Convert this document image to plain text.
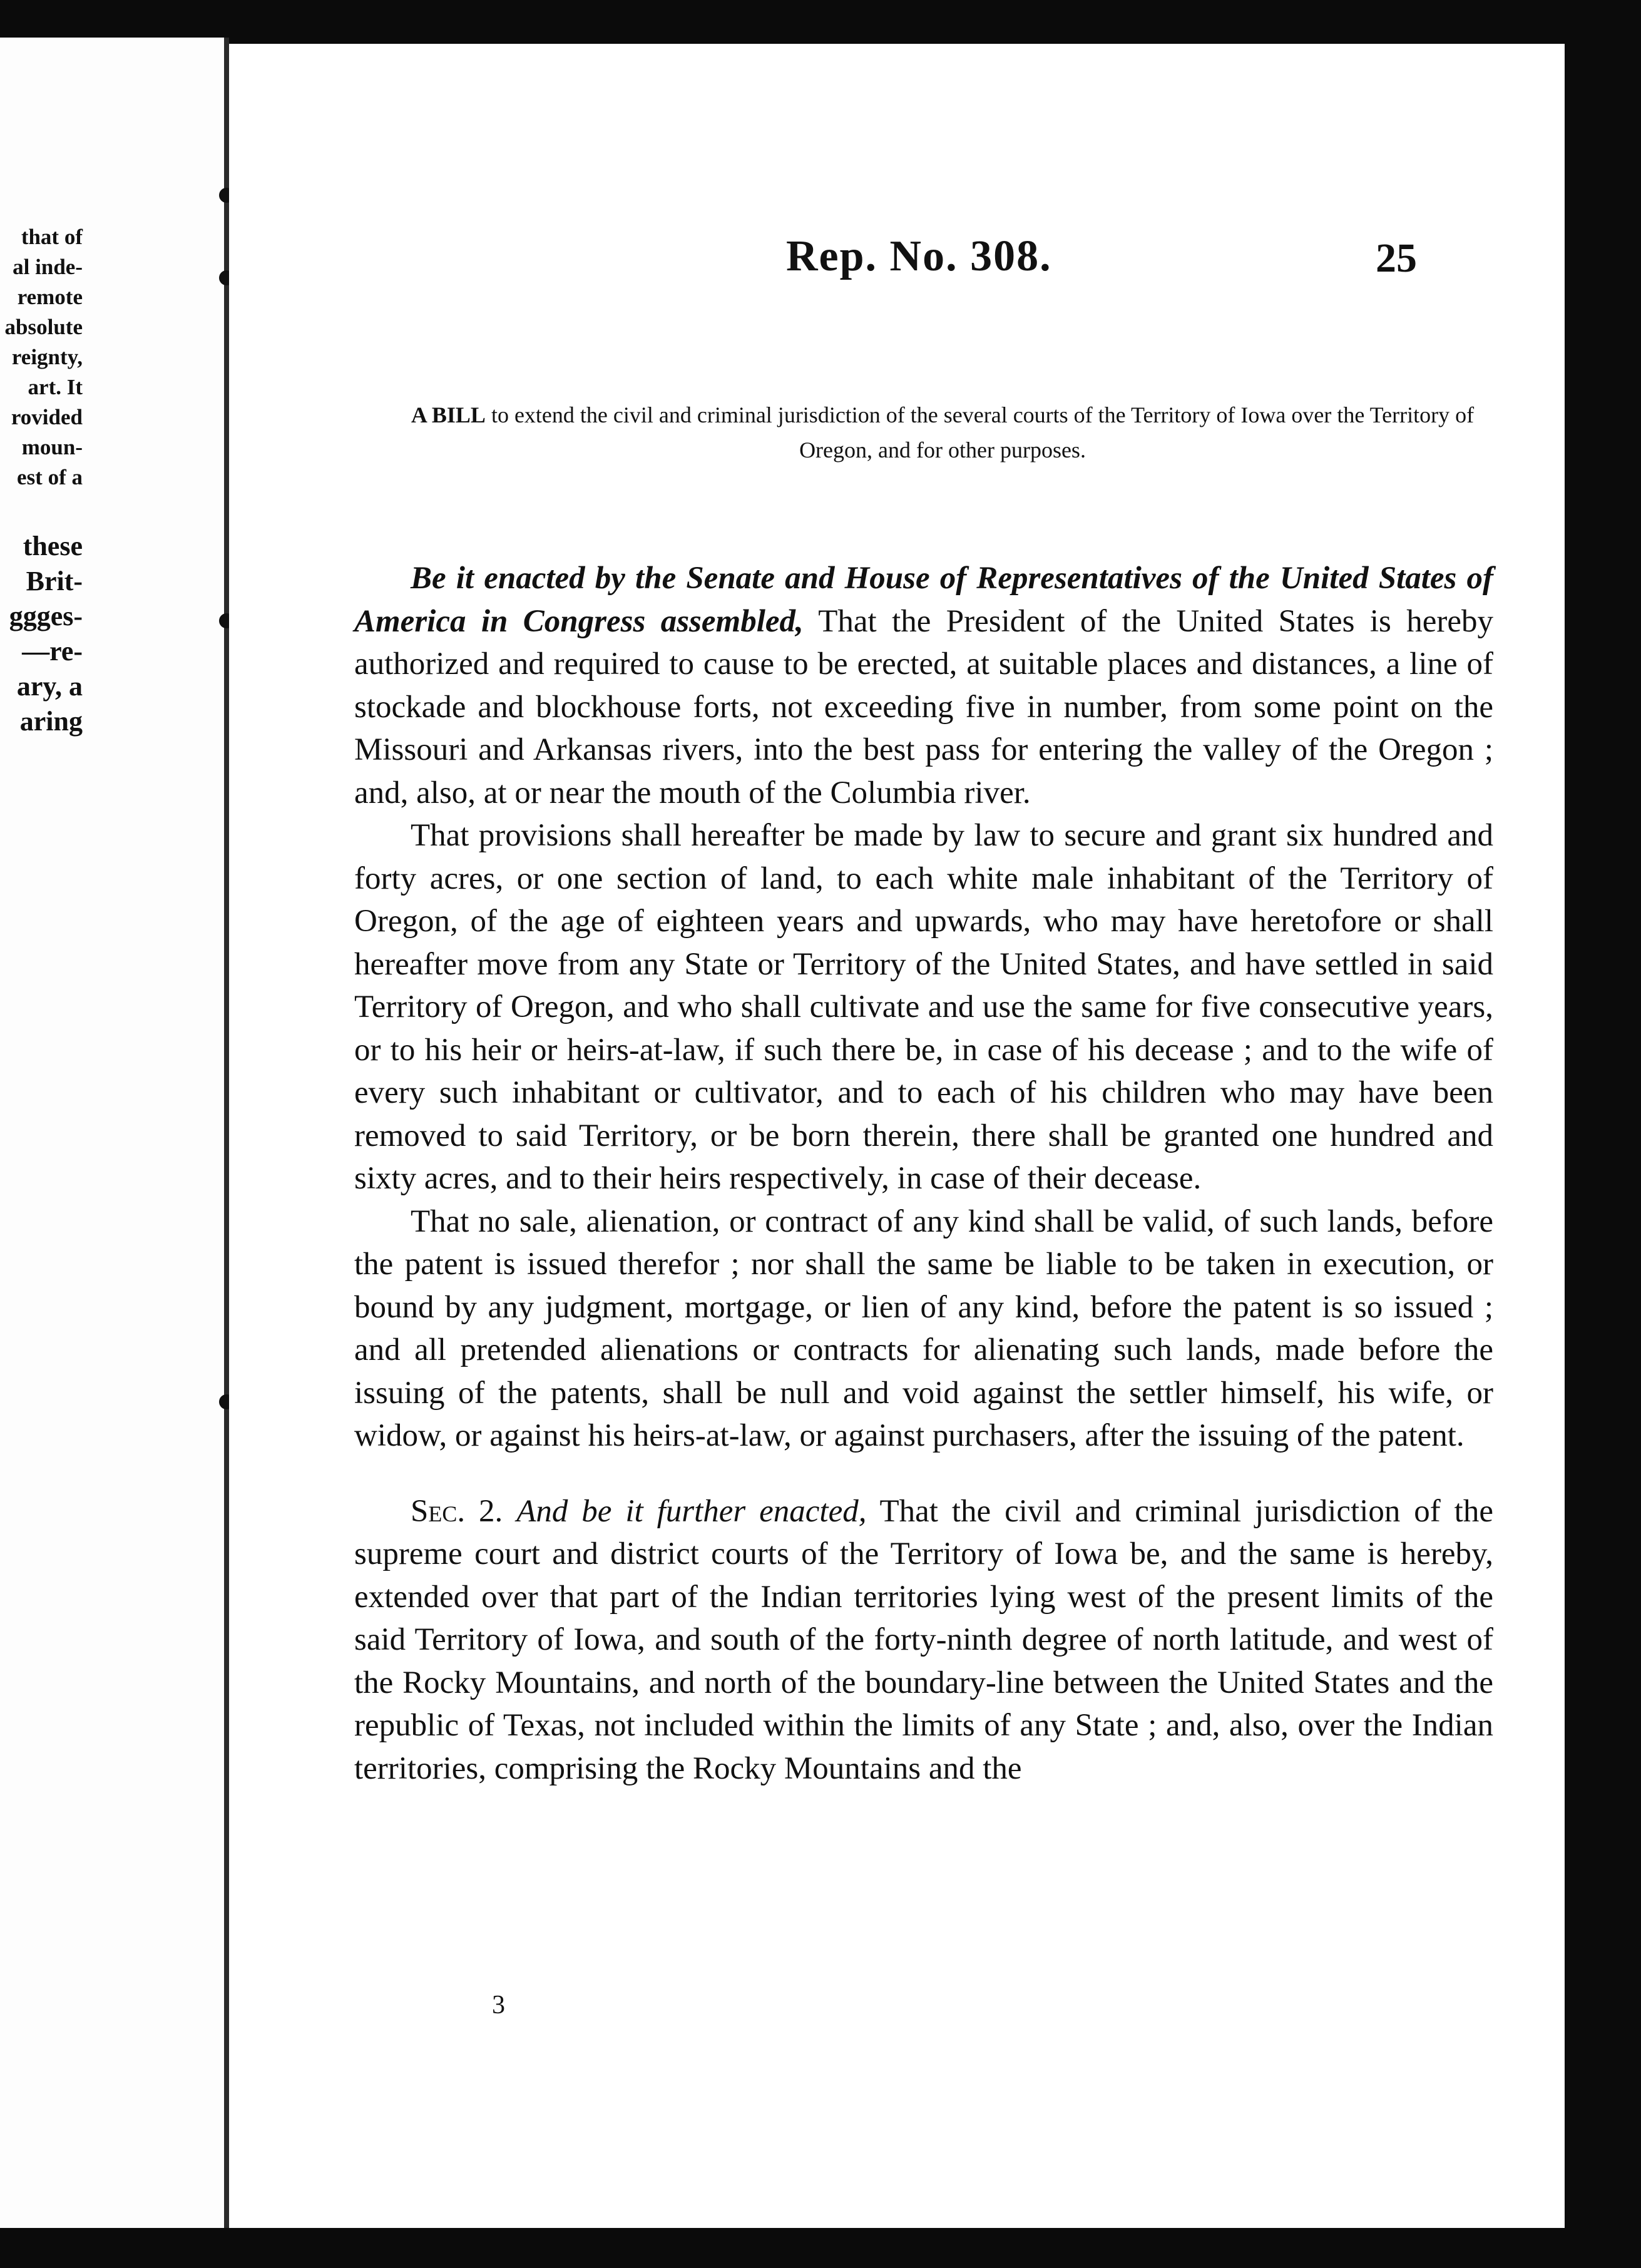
that of
al inde-
remote
absolute
reignty,
art. It
rovided
moun-
est of a
these
Brit-
ggges-
—re-
ary, a
aring
Rep. No. 308.	25
A BILL to extend the civil and criminal jurisdiction of the several courts of the Territory of Iowa over the Territory of Oregon, and for other purposes.

Be it enacted by the Senate and House of Representatives of the United States of America in Congress assembled, That the President of the United States is hereby authorized and required to cause to be erected, at suitable places and distances, a line of stockade and blockhouse forts, not exceeding five in number, from some point on the Missouri and Arkansas rivers, into the best pass for entering the valley of the Oregon ; and, also, at or near the mouth of the Columbia river.

That provisions shall hereafter be made by law to secure and grant six hundred and forty acres, or one section of land, to each white male inhabitant of the Territory of Oregon, of the age of eighteen years and upwards, who may have heretofore or shall hereafter move from any State or Territory of the United States, and have settled in said Territory of Oregon, and who shall cultivate and use the same for five consecutive years, or to his heir or heirs-at-law, if such there be, in case of his decease ; and to the wife of every such inhabitant or cultivator, and to each of his children who may have been removed to said Territory, or be born therein, there shall be granted one hundred and sixty acres, and to their heirs respectively, in case of their decease.

That no sale, alienation, or contract of any kind shall be valid, of such lands, before the patent is issued therefor ; nor shall the same be liable to be taken in execution, or bound by any judgment, mortgage, or lien of any kind, before the patent is so issued ; and all pretended alienations or contracts for alienating such lands, made before the issuing of the patents, shall be null and void against the settler himself, his wife, or widow, or against his heirs-at-law, or against purchasers, after the issuing of the patent.

Sec. 2. And be it further enacted, That the civil and criminal jurisdiction of the supreme court and district courts of the Territory of Iowa be, and the same is hereby, extended over that part of the Indian territories lying west of the present limits of the said Territory of Iowa, and south of the forty-ninth degree of north latitude, and west of the Rocky Mountains, and north of the boundary-line between the United States and the republic of Texas, not included within the limits of any State ; and, also, over the Indian territories, comprising the Rocky Mountains and the

3
